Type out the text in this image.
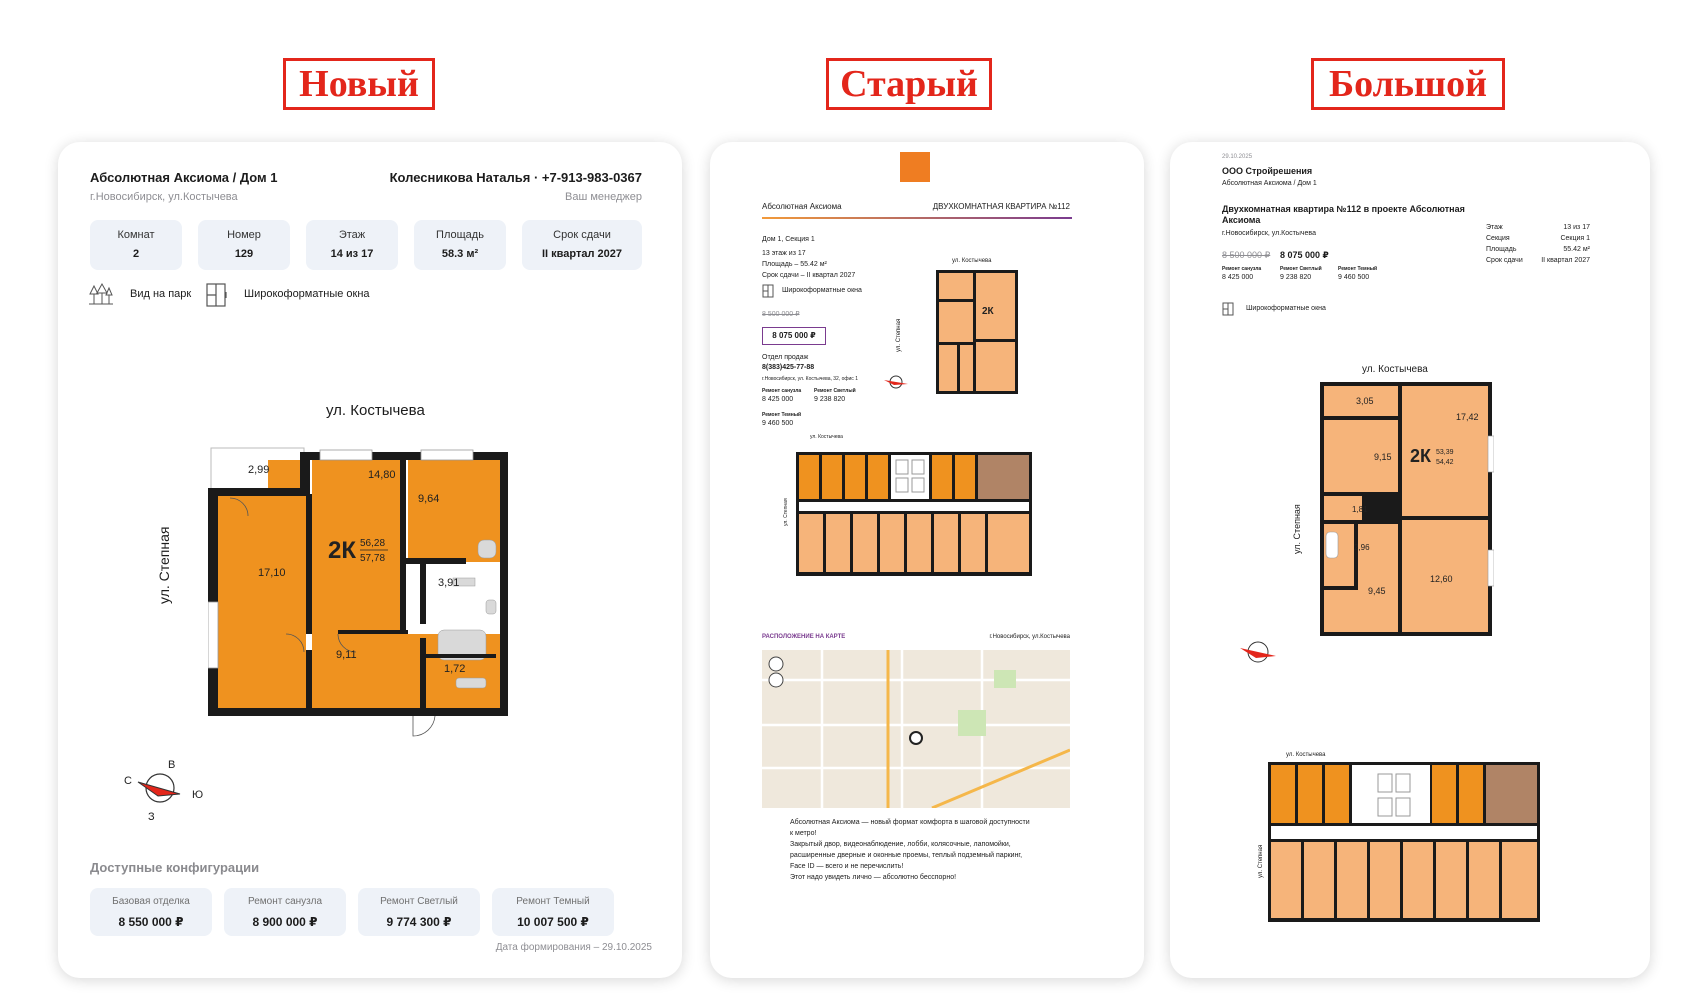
Новый	Старый	Большой
Абсолютная Аксиома / Дом 1
г.Новосибирск, ул.Костычева
Колесникова Наталья · +7-913-983-0367
Ваш менеджер
Комнат
2
Номер
129
Этаж
14 из 17
Площадь
58.3 м²
Срок сдачи
II квартал 2027
Вид на парк	Широкоформатные окна
ул. Костычева
ул. Степная
2,99	14,80
9,64
17,10
3,91
9,11
1,72
2К 56,28
57,78
С
В
Ю
З
Доступные конфигурации
Базовая отделка
8 550 000 ₽
Ремонт санузла
8 900 000 ₽
Ремонт Светлый
9 774 300 ₽
Ремонт Темный
10 007 500 ₽
Дата формирования – 29.10.2025
Абсолютная Аксиома	ДВУХКОМНАТНАЯ КВАРТИРА №112
Дом 1, Секция 1
13 этаж из 17
Площадь – 55.42 м²
Срок сдачи – II квартал 2027
Широкоформатные окна
8 500 000 ₽
8 075 000 ₽
Отдел продаж
8(383)425-77-88
г.Новосибирск, ул. Костычева, 32, офис 1
Ремонт санузла
8 425 000
Ремонт Светлый
9 238 820
Ремонт Темный
9 460 500
ул. Костычева
ул. Степная
2К
ул. Костычева
ул. Степная
РАСПОЛОЖЕНИЕ НА КАРТЕ	г.Новосибирск, ул.Костычева
Абсолютная Аксиома — новый формат комфорта в шаговой доступности
к метро!
Закрытый двор, видеонаблюдение, лобби, колясочные, лапомойки,
расширенные дверные и оконные проемы, теплый подземный паркинг,
Face ID — всего и не перечислить!
Этот надо увидеть лично — абсолютно бесспорно!
29.10.2025
ООО Стройрешения
Абсолютная Аксиома / Дом 1
Двухкомнатная квартира №112 в проекте Абсолютная Аксиома
г.Новосибирск, ул.Костычева
8 500 000 ₽ 8 075 000 ₽
Ремонт санузла
8 425 000
Ремонт Светлый
9 238 820
Ремонт Темный
9 460 500
Этаж	13 из 17
Секция	Секция 1
Площадь	55.42 м²
Срок сдачи	II квартал 2027
Широкоформатные окна
ул. Костычева
ул. Степная
3,05
17,42
9,15
1,81
2,96
9,45
12,60
2К 53,39
54,42
ул. Костычева
ул. Степная
